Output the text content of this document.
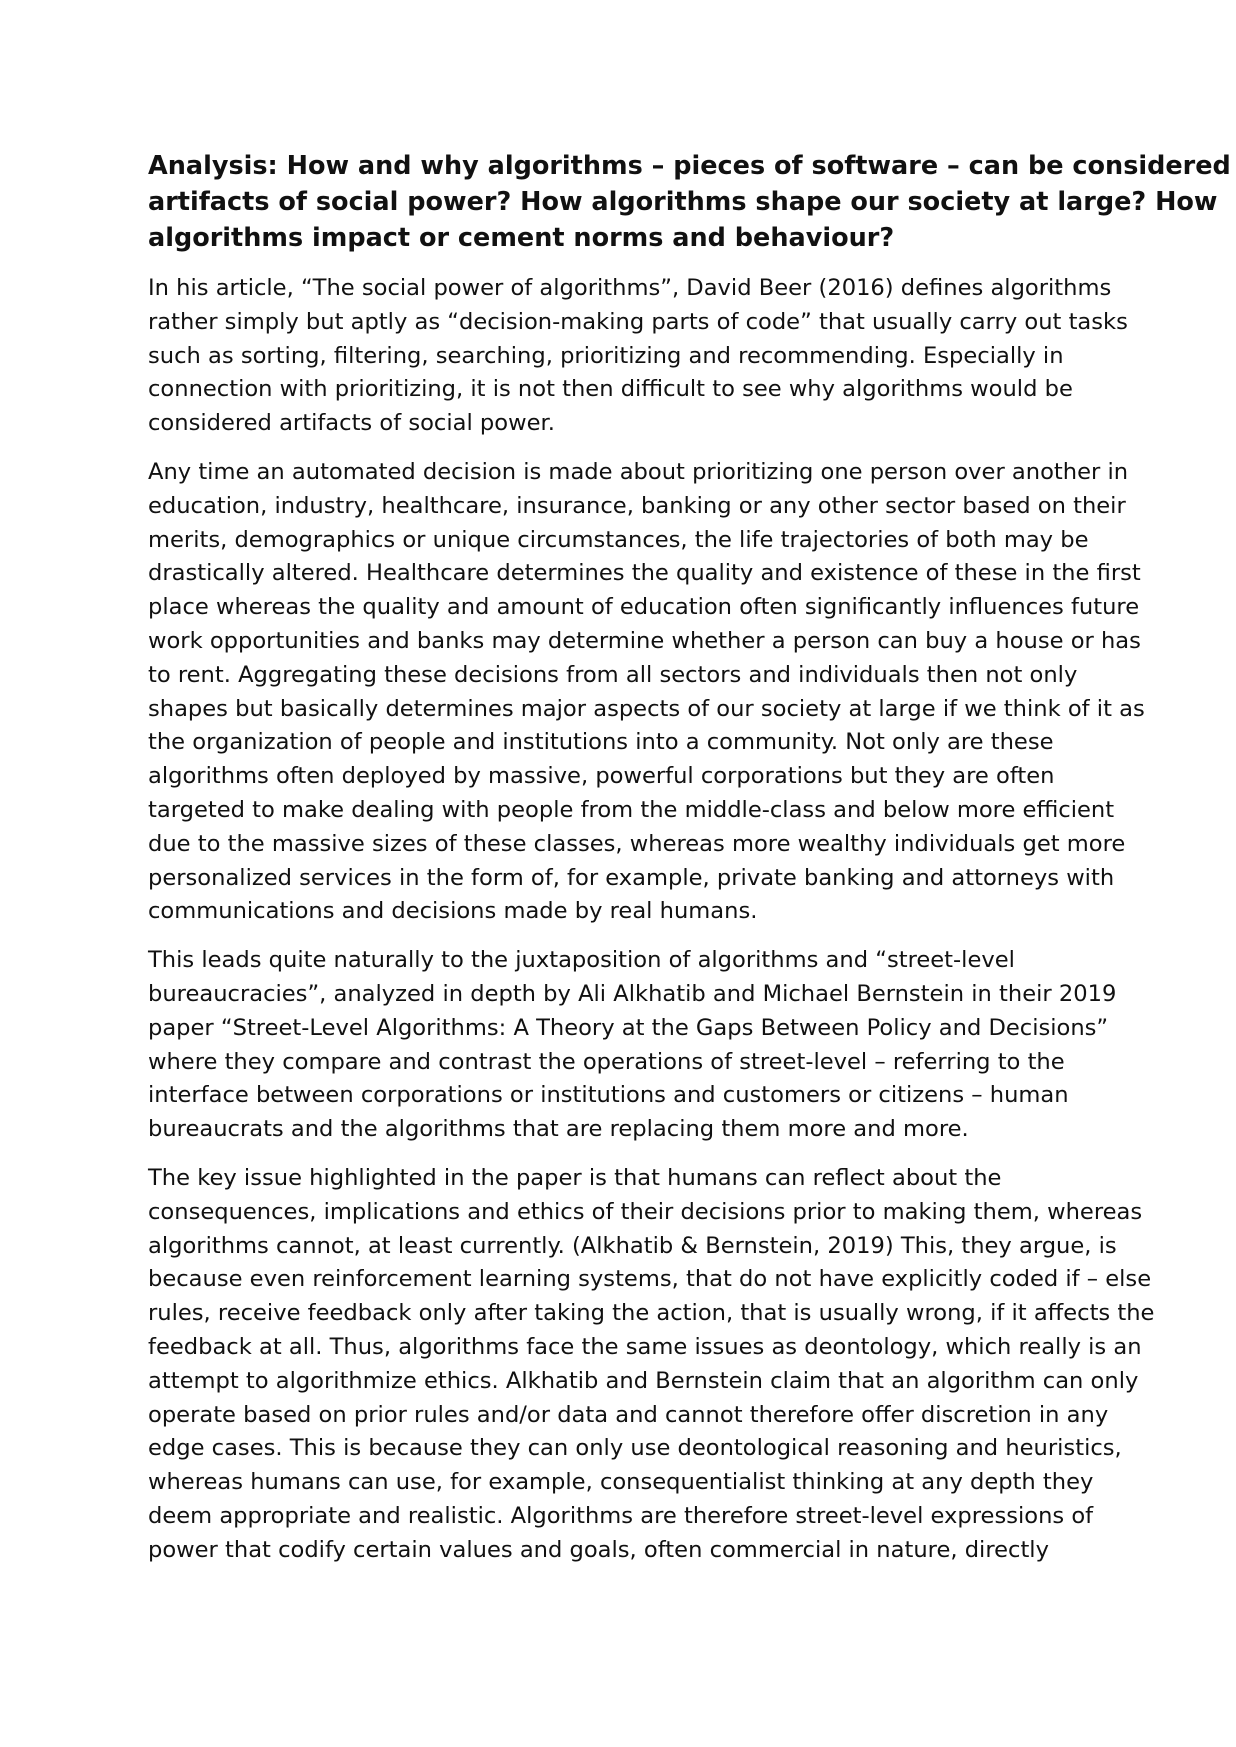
Analysis: How and why algorithms – pieces of software – can be considered
artifacts of social power? How algorithms shape our society at large? How
algorithms impact or cement norms and behaviour?

In his article, “The social power of algorithms”, David Beer (2016) defines algorithms
rather simply but aptly as “decision-making parts of code” that usually carry out tasks
such as sorting, filtering, searching, prioritizing and recommending. Especially in
connection with prioritizing, it is not then difficult to see why algorithms would be
considered artifacts of social power.

Any time an automated decision is made about prioritizing one person over another in
education, industry, healthcare, insurance, banking or any other sector based on their
merits, demographics or unique circumstances, the life trajectories of both may be
drastically altered. Healthcare determines the quality and existence of these in the first
place whereas the quality and amount of education often significantly influences future
work opportunities and banks may determine whether a person can buy a house or has
to rent. Aggregating these decisions from all sectors and individuals then not only
shapes but basically determines major aspects of our society at large if we think of it as
the organization of people and institutions into a community. Not only are these
algorithms often deployed by massive, powerful corporations but they are often
targeted to make dealing with people from the middle-class and below more efficient
due to the massive sizes of these classes, whereas more wealthy individuals get more
personalized services in the form of, for example, private banking and attorneys with
communications and decisions made by real humans.

This leads quite naturally to the juxtaposition of algorithms and “street-level
bureaucracies”, analyzed in depth by Ali Alkhatib and Michael Bernstein in their 2019
paper “Street-Level Algorithms: A Theory at the Gaps Between Policy and Decisions”
where they compare and contrast the operations of street-level – referring to the
interface between corporations or institutions and customers or citizens – human
bureaucrats and the algorithms that are replacing them more and more.

The key issue highlighted in the paper is that humans can reflect about the
consequences, implications and ethics of their decisions prior to making them, whereas
algorithms cannot, at least currently. (Alkhatib & Bernstein, 2019) This, they argue, is
because even reinforcement learning systems, that do not have explicitly coded if – else
rules, receive feedback only after taking the action, that is usually wrong, if it affects the
feedback at all. Thus, algorithms face the same issues as deontology, which really is an
attempt to algorithmize ethics. Alkhatib and Bernstein claim that an algorithm can only
operate based on prior rules and/or data and cannot therefore offer discretion in any
edge cases. This is because they can only use deontological reasoning and heuristics,
whereas humans can use, for example, consequentialist thinking at any depth they
deem appropriate and realistic. Algorithms are therefore street-level expressions of
power that codify certain values and goals, often commercial in nature, directly
